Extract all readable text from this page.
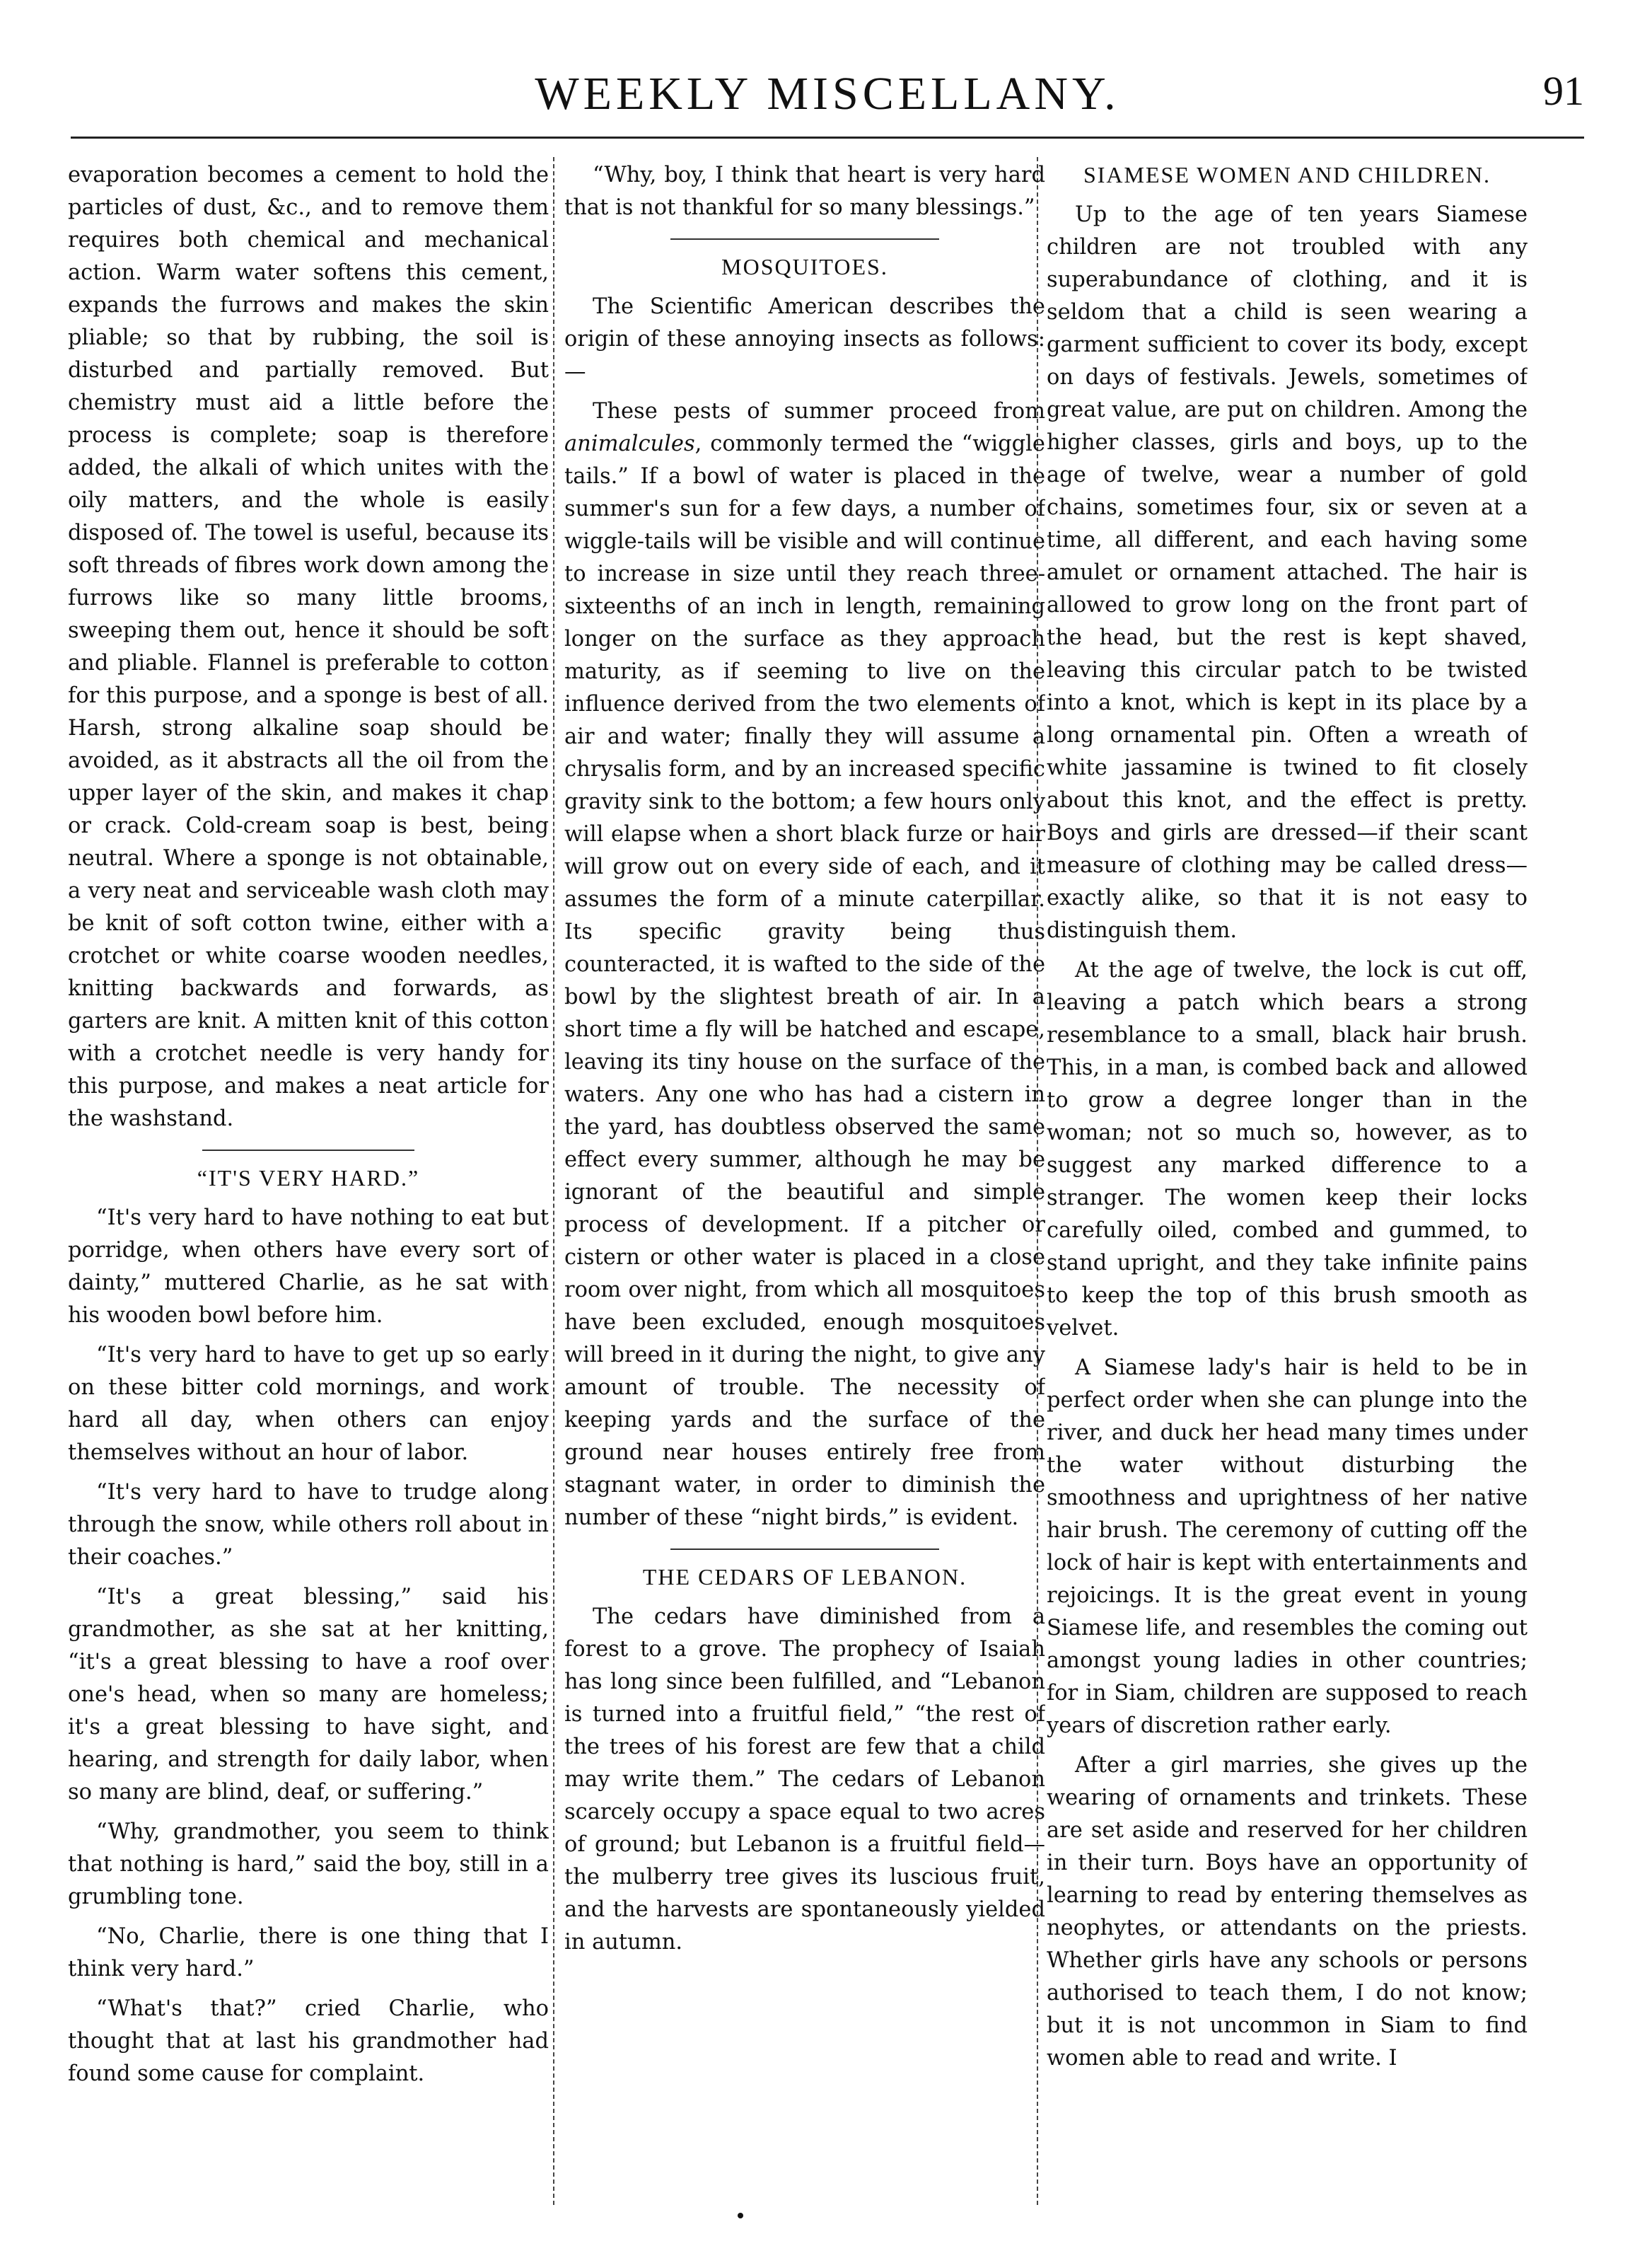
WEEKLY MISCELLANY.	91

evaporation becomes a cement to hold the particles of dust, &c., and to remove them requires both chemical and mechanical action. Warm water softens this cement, expands the furrows and makes the skin pliable; so that by rubbing, the soil is disturbed and partially removed. But chemistry must aid a little before the process is complete; soap is therefore added, the alkali of which unites with the oily matters, and the whole is easily disposed of. The towel is useful, because its soft threads of fibres work down among the furrows like so many little brooms, sweeping them out, hence it should be soft and pliable. Flannel is preferable to cotton for this purpose, and a sponge is best of all. Harsh, strong alkaline soap should be avoided, as it abstracts all the oil from the upper layer of the skin, and makes it chap or crack. Cold-cream soap is best, being neutral. Where a sponge is not obtainable, a very neat and serviceable wash cloth may be knit of soft cotton twine, either with a crotchet or white coarse wooden needles, knitting backwards and forwards, as garters are knit. A mitten knit of this cotton with a crotchet needle is very handy for this purpose, and makes a neat article for the washstand.

“IT'S VERY HARD.”

“It's very hard to have nothing to eat but porridge, when others have every sort of dainty,” muttered Charlie, as he sat with his wooden bowl before him.

“It's very hard to have to get up so early on these bitter cold mornings, and work hard all day, when others can enjoy themselves without an hour of labor.

“It's very hard to have to trudge along through the snow, while others roll about in their coaches.”

“It's a great blessing,” said his grandmother, as she sat at her knitting, “it's a great blessing to have a roof over one's head, when so many are homeless; it's a great blessing to have sight, and hearing, and strength for daily labor, when so many are blind, deaf, or suffering.”

“Why, grandmother, you seem to think that nothing is hard,” said the boy, still in a grumbling tone.

“No, Charlie, there is one thing that I think very hard.”

“What's that?” cried Charlie, who thought that at last his grandmother had found some cause for complaint.

“Why, boy, I think that heart is very hard that is not thankful for so many blessings.”

MOSQUITOES.

The Scientific American describes the origin of these annoying insects as follows:—

These pests of summer proceed from animalcules, commonly termed the “wiggle tails.” If a bowl of water is placed in the summer's sun for a few days, a number of wiggle-tails will be visible and will continue to increase in size until they reach three-sixteenths of an inch in length, remaining longer on the surface as they approach maturity, as if seeming to live on the influence derived from the two elements of air and water; finally they will assume a chrysalis form, and by an increased specific gravity sink to the bottom; a few hours only will elapse when a short black furze or hair will grow out on every side of each, and it assumes the form of a minute caterpillar. Its specific gravity being thus counteracted, it is wafted to the side of the bowl by the slightest breath of air. In a short time a fly will be hatched and escape, leaving its tiny house on the surface of the waters. Any one who has had a cistern in the yard, has doubtless observed the same effect every summer, although he may be ignorant of the beautiful and simple process of development. If a pitcher or cistern or other water is placed in a close room over night, from which all mosquitoes have been excluded, enough mosquitoes will breed in it during the night, to give any amount of trouble. The necessity of keeping yards and the surface of the ground near houses entirely free from stagnant water, in order to diminish the number of these “night birds,” is evident.

THE CEDARS OF LEBANON.

The cedars have diminished from a forest to a grove. The prophecy of Isaiah has long since been fulfilled, and “Lebanon is turned into a fruitful field,” “the rest of the trees of his forest are few that a child may write them.” The cedars of Lebanon scarcely occupy a space equal to two acres of ground; but Lebanon is a fruitful field—the mulberry tree gives its luscious fruit, and the harvests are spontaneously yielded in autumn.

SIAMESE WOMEN AND CHILDREN.

Up to the age of ten years Siamese children are not troubled with any superabundance of clothing, and it is seldom that a child is seen wearing a garment sufficient to cover its body, except on days of festivals. Jewels, sometimes of great value, are put on children. Among the higher classes, girls and boys, up to the age of twelve, wear a number of gold chains, sometimes four, six or seven at a time, all different, and each having some amulet or ornament attached. The hair is allowed to grow long on the front part of the head, but the rest is kept shaved, leaving this circular patch to be twisted into a knot, which is kept in its place by a long ornamental pin. Often a wreath of white jassamine is twined to fit closely about this knot, and the effect is pretty. Boys and girls are dressed—if their scant measure of clothing may be called dress—exactly alike, so that it is not easy to distinguish them.

At the age of twelve, the lock is cut off, leaving a patch which bears a strong resemblance to a small, black hair brush. This, in a man, is combed back and allowed to grow a degree longer than in the woman; not so much so, however, as to suggest any marked difference to a stranger. The women keep their locks carefully oiled, combed and gummed, to stand upright, and they take infinite pains to keep the top of this brush smooth as velvet.

A Siamese lady's hair is held to be in perfect order when she can plunge into the river, and duck her head many times under the water without disturbing the smoothness and uprightness of her native hair brush. The ceremony of cutting off the lock of hair is kept with entertainments and rejoicings. It is the great event in young Siamese life, and resembles the coming out amongst young ladies in other countries; for in Siam, children are supposed to reach years of discretion rather early.

After a girl marries, she gives up the wearing of ornaments and trinkets. These are set aside and reserved for her children in their turn. Boys have an opportunity of learning to read by entering themselves as neophytes, or attendants on the priests. Whether girls have any schools or persons authorised to teach them, I do not know; but it is not uncommon in Siam to find women able to read and write. I
